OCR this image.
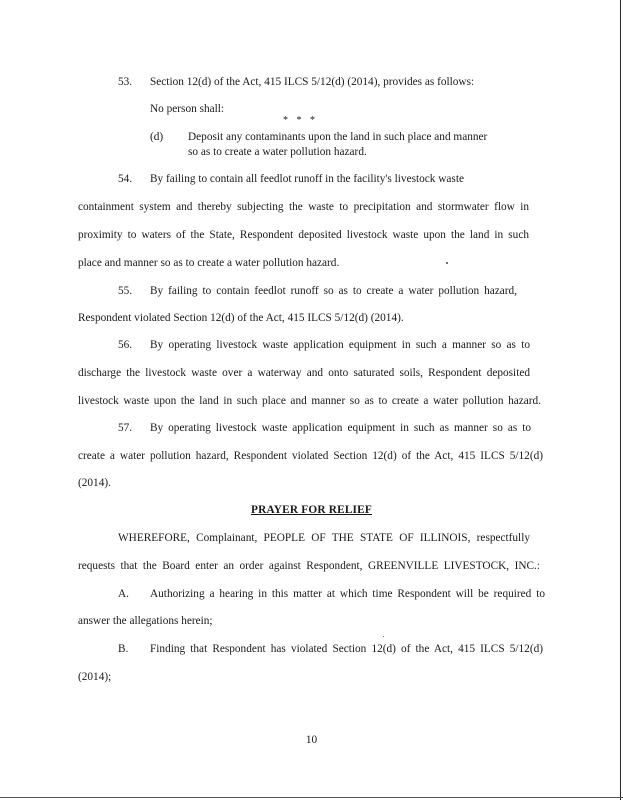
53. Section 12(d) of the Act, 415 ILCS 5/12(d) (2014), provides as follows:
No person shall:
* * *
(d) Deposit any contaminants upon the land in such place and manner
so as to create a water pollution hazard.
54. By failing to contain all feedlot runoff in the facility's livestock waste
containment system and thereby subjecting the waste to precipitation and stormwater flow in
proximity to waters of the State, Respondent deposited livestock waste upon the land in such
place and manner so as to create a water pollution hazard.
55. By failing to contain feedlot runoff so as to create a water pollution hazard,
Respondent violated Section 12(d) of the Act, 415 ILCS 5/12(d) (2014).
56. By operating livestock waste application equipment in such a manner so as to
discharge the livestock waste over a waterway and onto saturated soils, Respondent deposited
livestock waste upon the land in such place and manner so as to create a water pollution hazard.
57. By operating livestock waste application equipment in such as manner so as to
create a water pollution hazard, Respondent violated Section 12(d) of the Act, 415 ILCS 5/12(d)
(2014).
PRAYER FOR RELIEF
WHEREFORE, Complainant, PEOPLE OF THE STATE OF ILLINOIS, respectfully
requests that the Board enter an order against Respondent, GREENVILLE LIVESTOCK, INC.:
A. Authorizing a hearing in this matter at which time Respondent will be required to
answer the allegations herein;
B. Finding that Respondent has violated Section 12(d) of the Act, 415 ILCS 5/12(d)
(2014);
10
